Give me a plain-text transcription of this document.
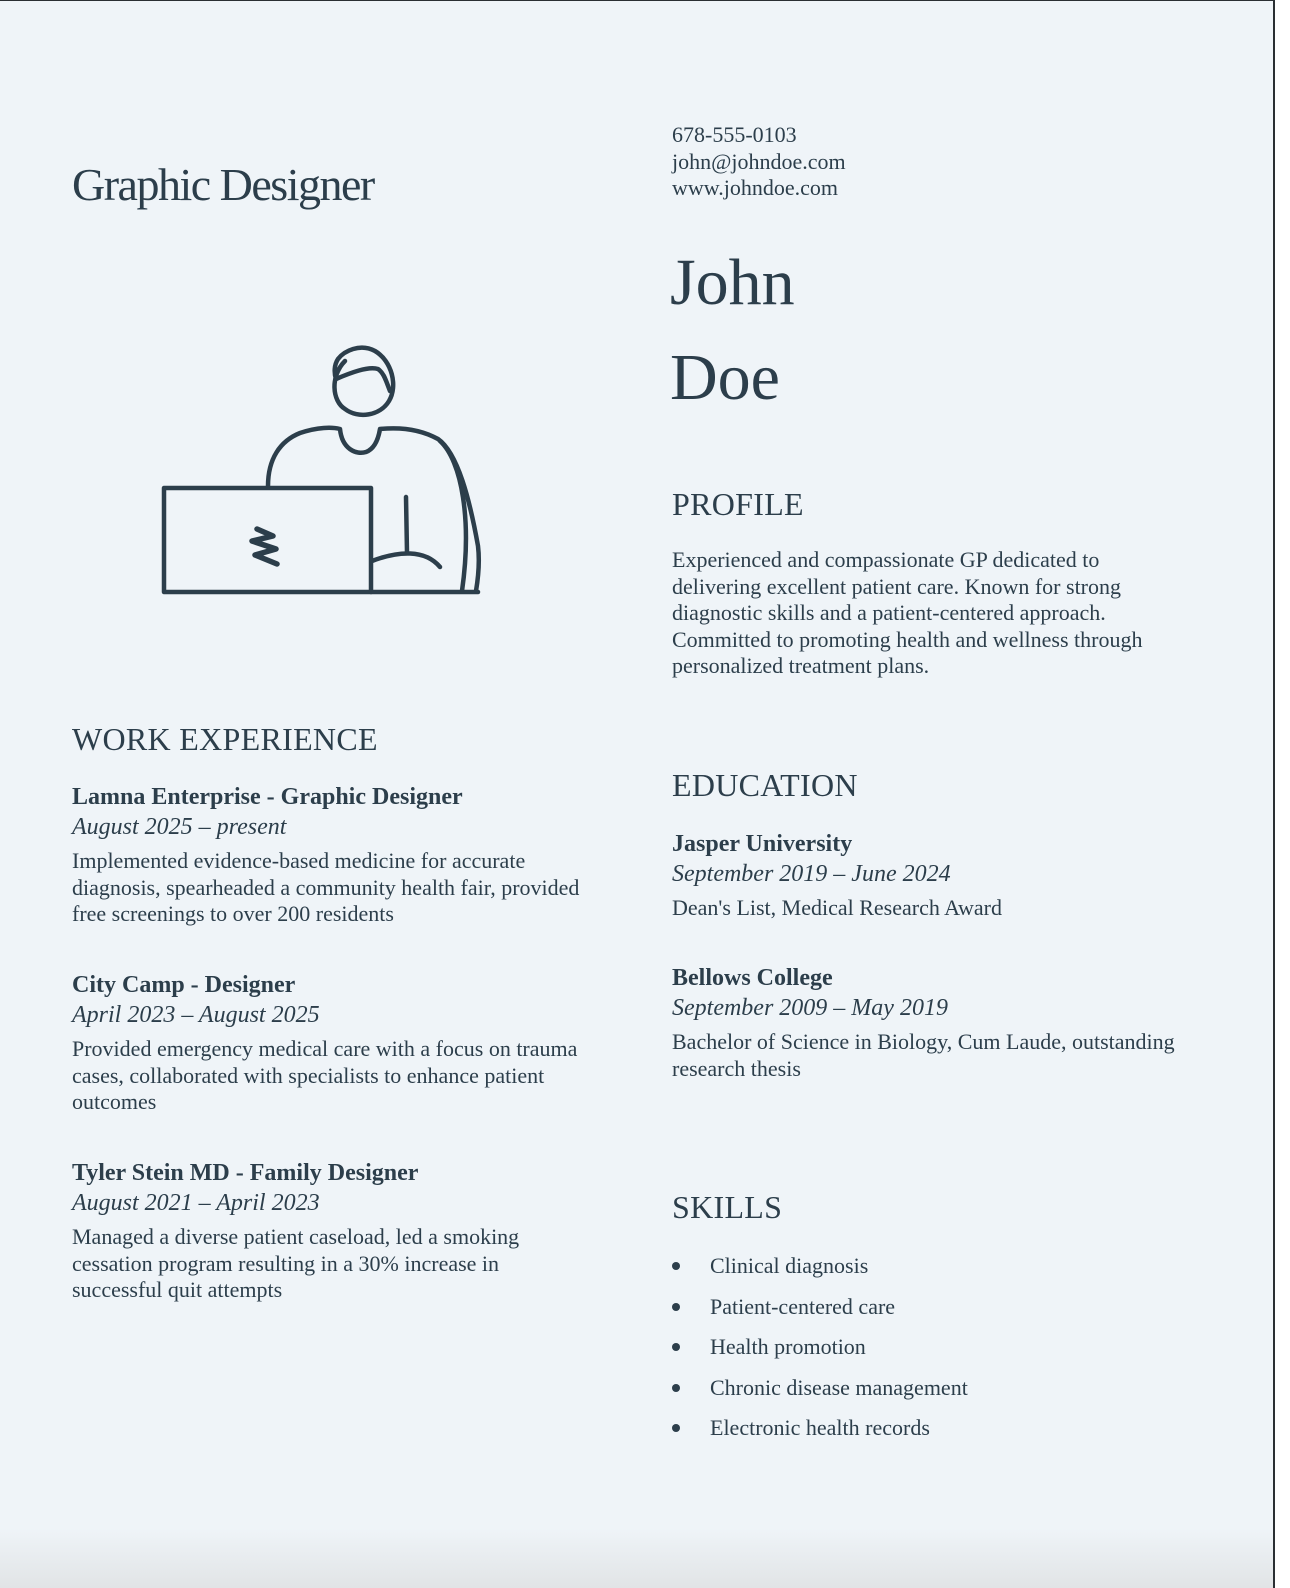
Graphic Designer
678-555-0103
john@johndoe.com
www.johndoe.com
John
Doe
PROFILE
Experienced and compassionate GP dedicated to delivering excellent patient care. Known for strong diagnostic skills and a patient-centered approach. Committed to promoting health and wellness through personalized treatment plans.
WORK EXPERIENCE
Lamna Enterprise - Graphic Designer
August 2025 – present
Implemented evidence-based medicine for accurate diagnosis, spearheaded a community health fair, provided free screenings to over 200 residents
City Camp - Designer
April 2023 – August 2025
Provided emergency medical care with a focus on trauma cases, collaborated with specialists to enhance patient outcomes
Tyler Stein MD - Family Designer
August 2021 – April 2023
Managed a diverse patient caseload, led a smoking cessation program resulting in a 30% increase in successful quit attempts
EDUCATION
Jasper University
September 2019 – June 2024
Dean's List, Medical Research Award
Bellows College
September 2009 – May 2019
Bachelor of Science in Biology, Cum Laude, outstanding research thesis
SKILLS
Clinical diagnosis
Patient-centered care
Health promotion
Chronic disease management
Electronic health records
